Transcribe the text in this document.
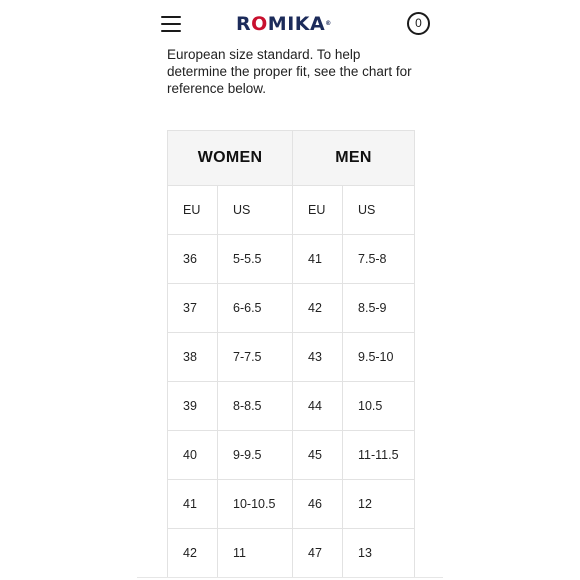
ROMIKA®	0

European size standard. To help determine the proper fit, see the chart for reference below.

WOMEN		MEN	
EU	US	EU	US
36	5-5.5	41	7.5-8
37	6-6.5	42	8.5-9
38	7-7.5	43	9.5-10
39	8-8.5	44	10.5
40	9-9.5	45	11-11.5
41	10-10.5	46	12
42	11	47	13
